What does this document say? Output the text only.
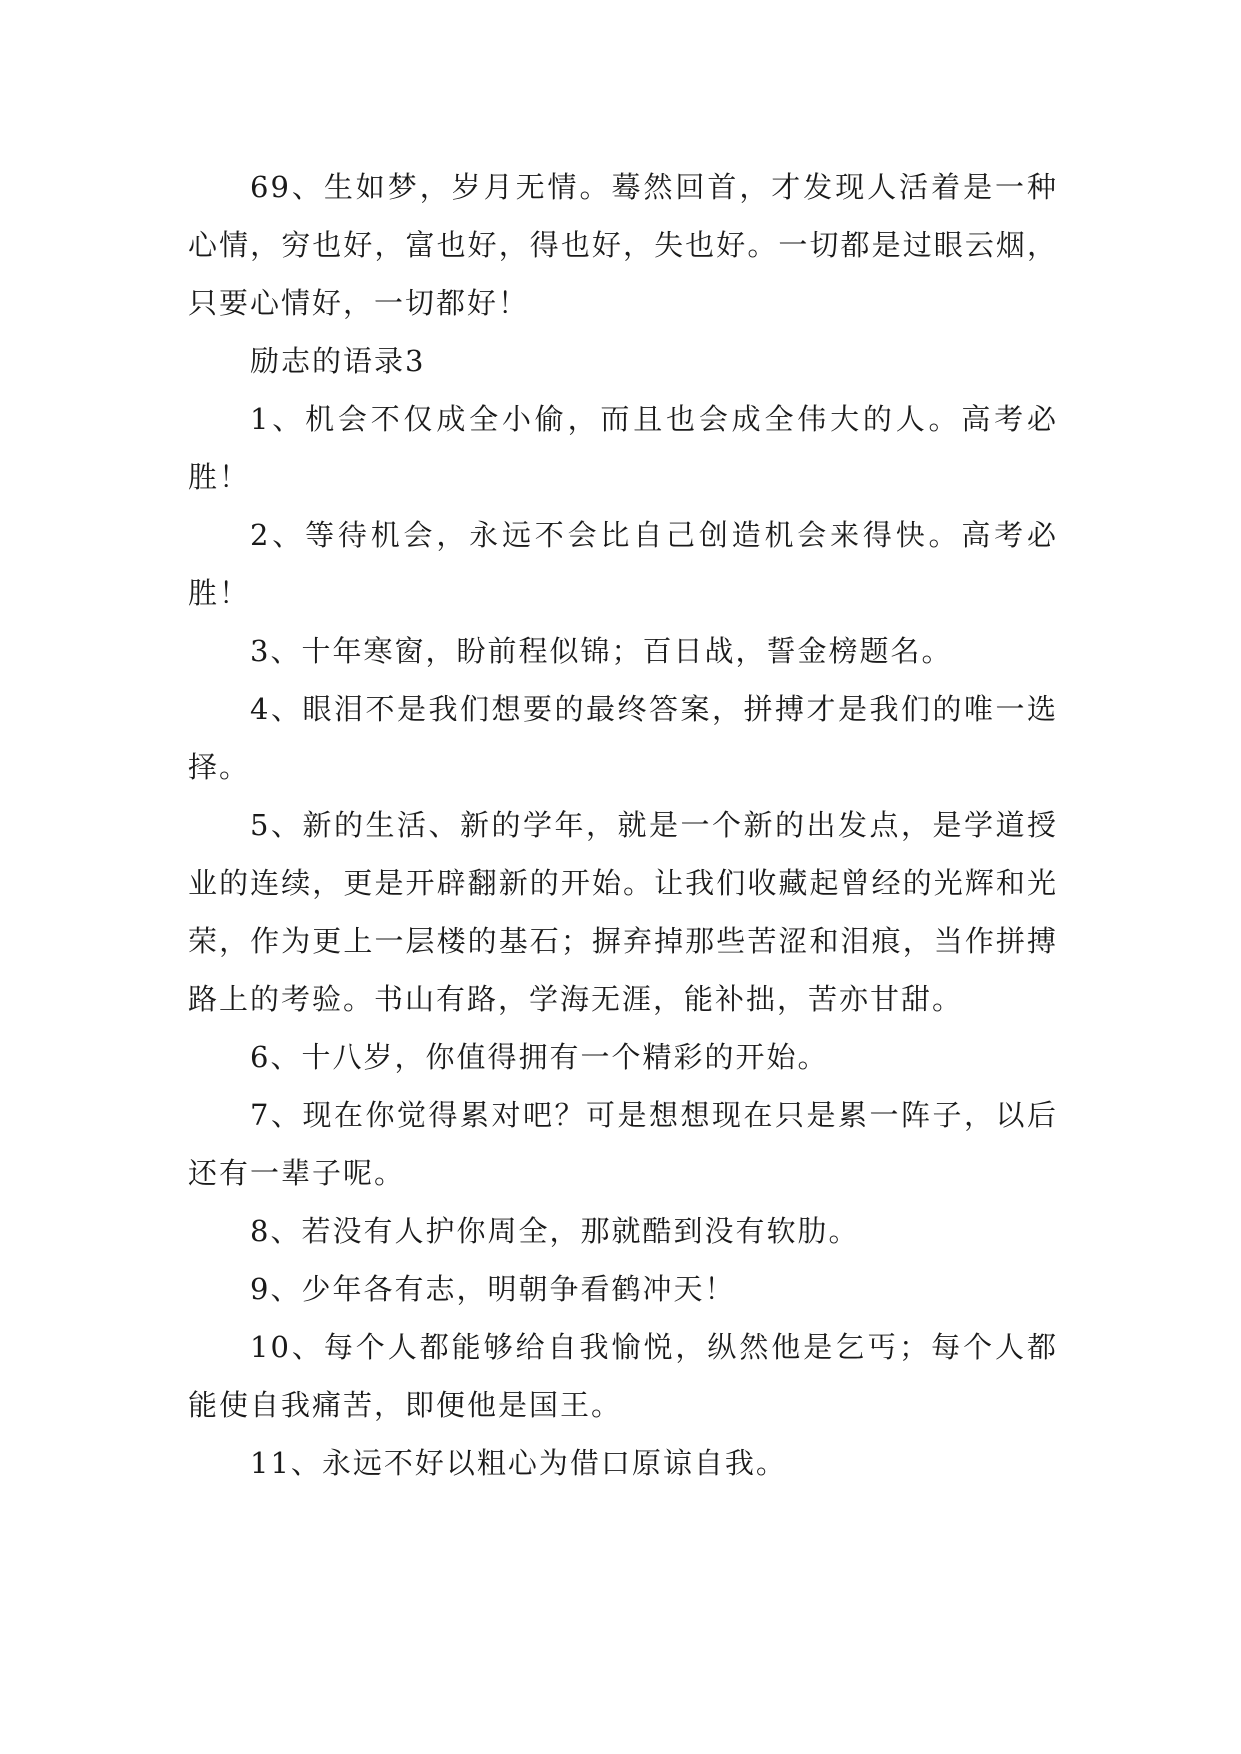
69、生如梦，岁月无情。蓦然回首，才发现人活着是一种心情，穷也好，富也好，得也好，失也好。一切都是过眼云烟，只要心情好，一切都好！

励志的语录3

1、机会不仅成全小偷，而且也会成全伟大的人。高考必胜！

2、等待机会，永远不会比自己创造机会来得快。高考必胜！

3、十年寒窗，盼前程似锦；百日战，誓金榜题名。

4、眼泪不是我们想要的最终答案，拼搏才是我们的唯一选择。

5、新的生活、新的学年，就是一个新的出发点，是学道授业的连续，更是开辟翻新的开始。让我们收藏起曾经的光辉和光荣，作为更上一层楼的基石；摒弃掉那些苦涩和泪痕，当作拼搏路上的考验。书山有路，学海无涯，能补拙，苦亦甘甜。

6、十八岁，你值得拥有一个精彩的开始。

7、现在你觉得累对吧？可是想想现在只是累一阵子，以后还有一辈子呢。

8、若没有人护你周全，那就酷到没有软肋。

9、少年各有志，明朝争看鹤冲天！

10、每个人都能够给自我愉悦，纵然他是乞丐；每个人都能使自我痛苦，即便他是国王。

11、永远不好以粗心为借口原谅自我。
